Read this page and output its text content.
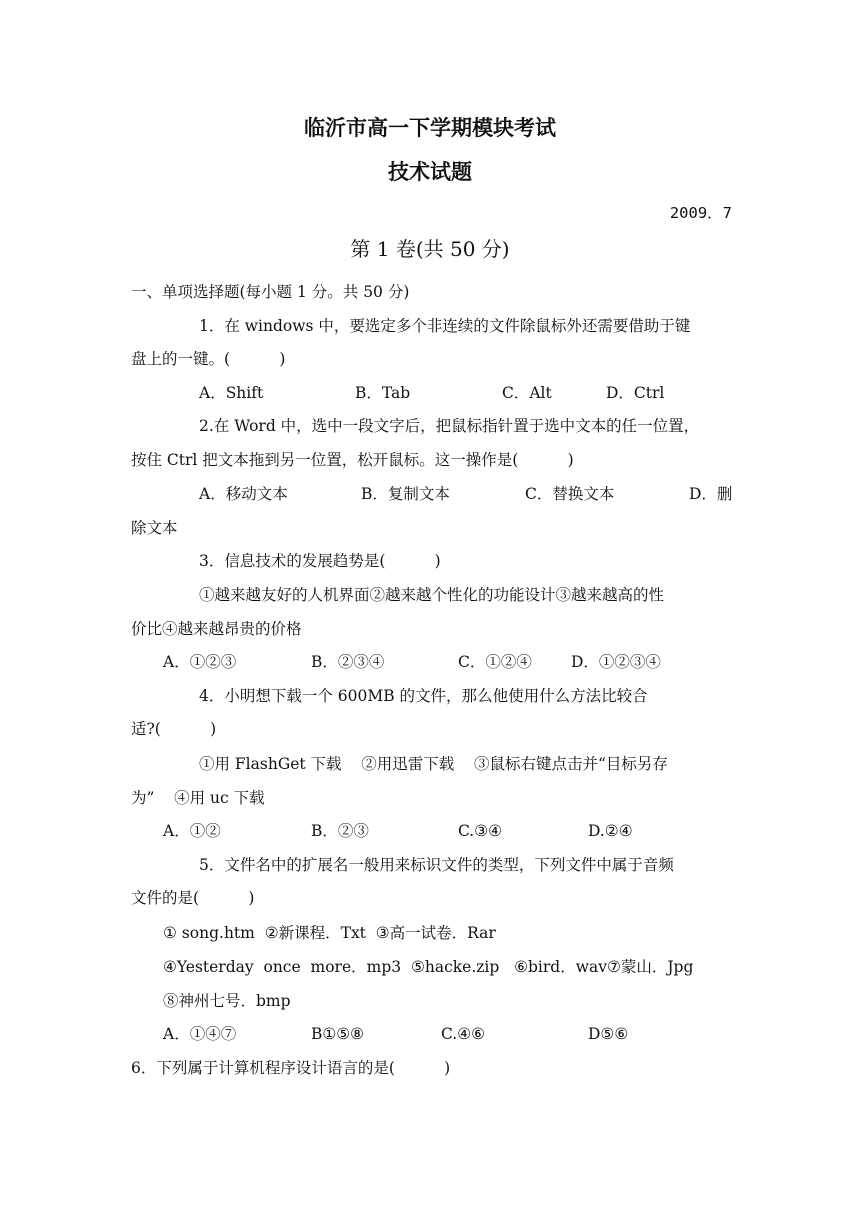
临沂市高一下学期模块考试
技术试题
2009．7
第 1 卷(共 50 分)
一、单项选择题(每小题 1 分。共 50 分)
1．在 windows 中，要选定多个非连续的文件除鼠标外还需要借助于键
盘上的一键。(          )
A．Shift	B．Tab	C．Alt	D．Ctrl
2.在 Word 中，选中一段文字后，把鼠标指针置于选中文本的任一位置，
按住 Ctrl 把文本拖到另一位置，松开鼠标。这一操作是(          )
A．移动文本	B．复制文本	C．替换文本	D．删
除文本
3．信息技术的发展趋势是(          )
①越来越友好的人机界面②越来越个性化的功能设计③越来越高的性
价比④越来越昂贵的价格
A．①②③	B．②③④	C．①②④	D．①②③④
4．小明想下载一个 600MB 的文件，那么他使用什么方法比较合
适?(          )
①用 FlashGet 下载    ②用迅雷下载    ③鼠标右键点击并“目标另存
为”    ④用 uc 下载
A．①②	B．②③	C.③④	D.②④
5．文件名中的扩展名一般用来标识文件的类型，下列文件中属于音频
文件的是(          )
① song.htm  ②新课程．Txt  ③高一试卷．Rar
④Yesterday  once  more．mp3  ⑤hacke.zip   ⑥bird．wav⑦蒙山．Jpg
⑧神州七号．bmp
A．①④⑦	B①⑤⑧	C.④⑥	D⑤⑥
6．下列属于计算机程序设计语言的是(          )
